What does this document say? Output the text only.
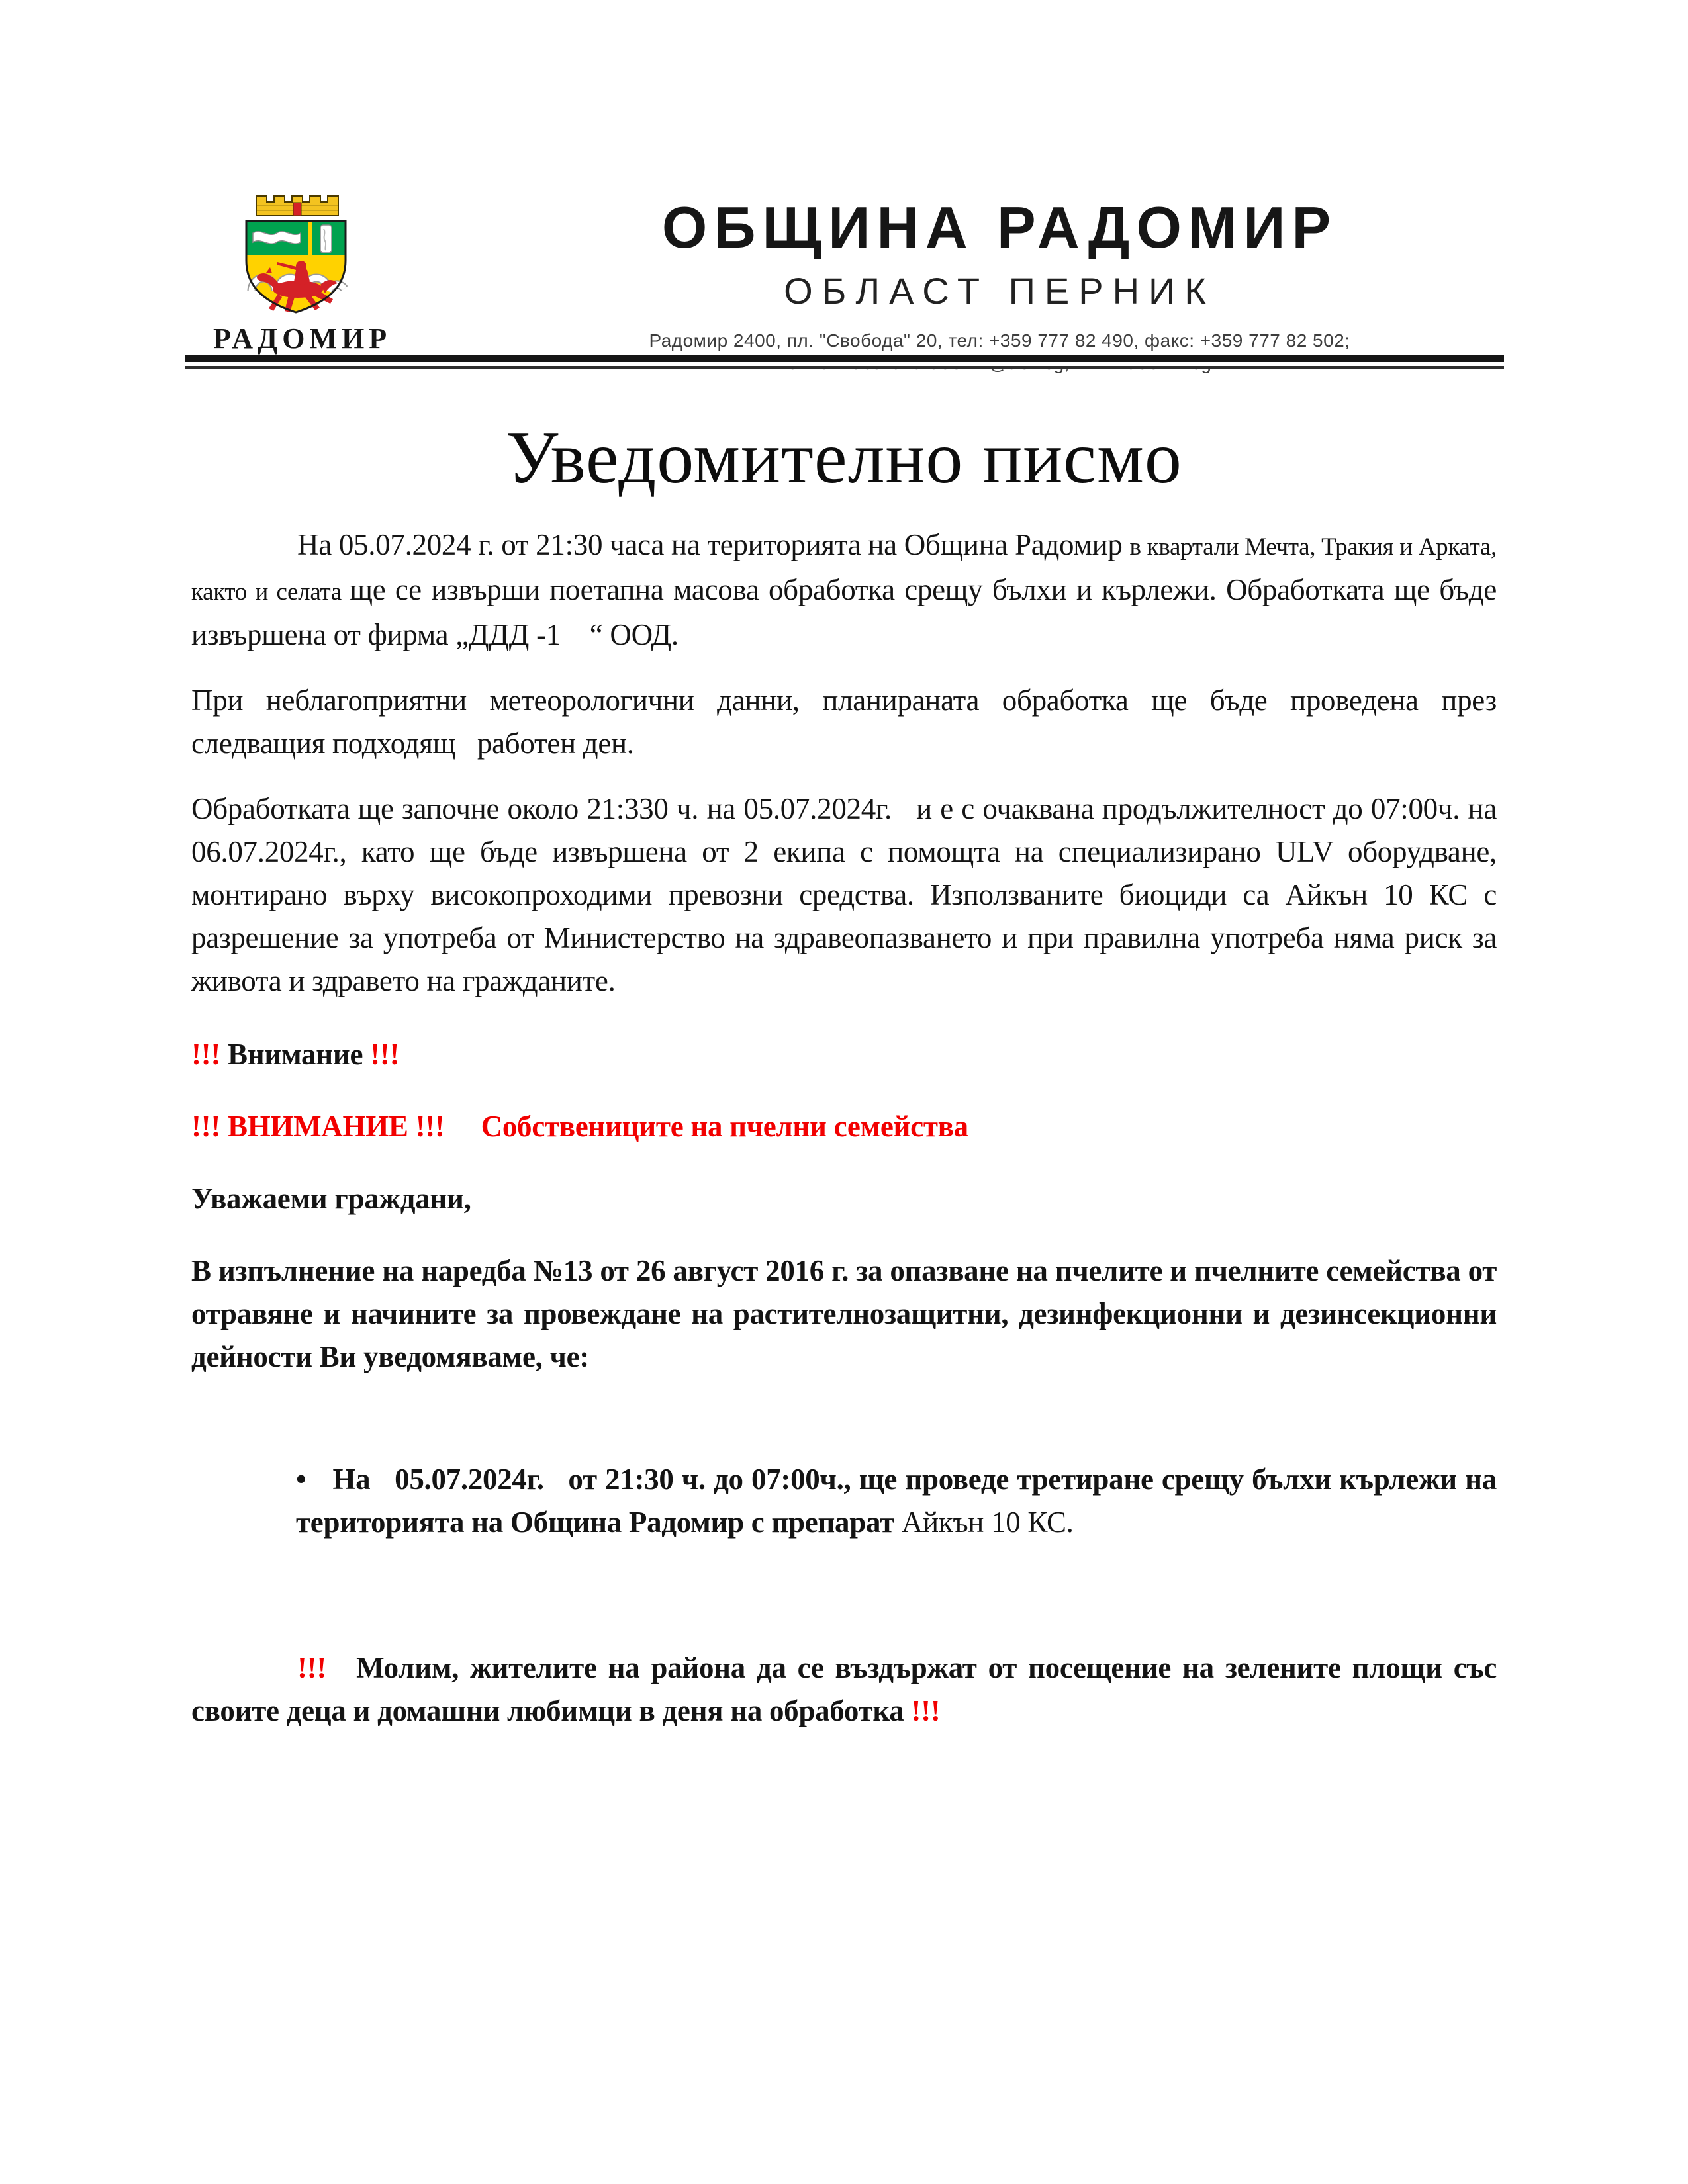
РАДОМИР
ОБЩИНА РАДОМИР
ОБЛАСТ ПЕРНИК
Радомир 2400, пл. "Свобода" 20, тел: +359 777 82 490, факс: +359 777 82 502;
Уведомително писмо

На 05.07.2024 г. от 21:30 часа на територията на Община Радомир в квартали Мечта, Тракия и Арката, както и селата ще се извърши поетапна масова обработка срещу бълхи и кърлежи. Обработката ще бъде извършена от фирма „ДДД -1    “ ООД.

При неблагоприятни метеорологични данни, планираната обработка ще бъде проведена през следващия подходящ   работен ден.

Обработката ще започне около 21:330 ч. на 05.07.2024г.   и е с очаквана продължителност до 07:00ч. на 06.07.2024г., като ще бъде извършена от 2 екипа с помощта на специализирано ULV оборудване, монтирано върху високопроходими превозни средства. Използваните биоциди са Айкън 10 КС с разрешение за употреба от Министерство на здравеопазването и при правилна употреба няма риск за живота и здравето на гражданите.

!!! Внимание !!!

!!! ВНИМАНИЕ !!! Собствениците на пчелни семейства

Уважаеми граждани,

В изпълнение на наредба №13 от 26 август 2016 г. за опазване на пчелите и пчелните семейства от отравяне и начините за провеждане на растителнозащитни, дезинфекционни и дезинсекционни дейности Ви уведомяваме, че:

• На   05.07.2024г.   от 21:30 ч. до 07:00ч., ще проведе третиране срещу бълхи кърлежи на територията на Община Радомир с препарат Айкън 10 КС.

!!! Молим, жителите на района да се въздържат от посещение на зелените площи със своите деца и домашни любимци в деня на обработка !!!
